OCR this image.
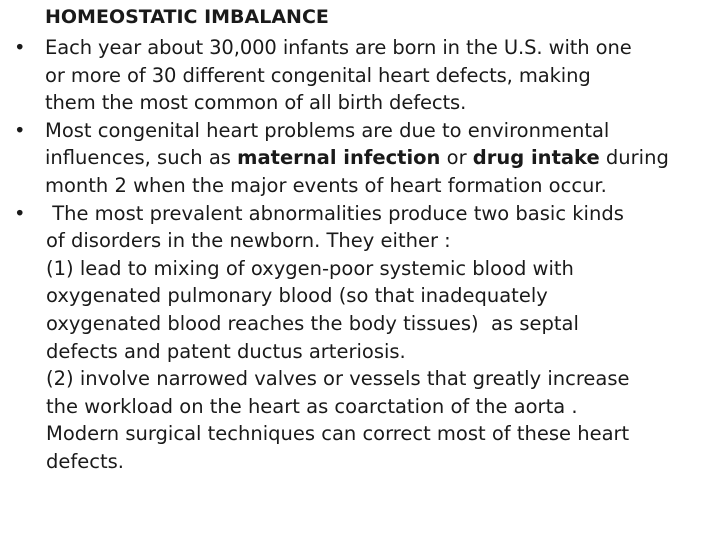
HOMEOSTATIC IMBALANCE
• Each year about 30,000 infants are born in the U.S. with one
or more of 30 different congenital heart defects, making
them the most common of all birth defects.
• Most congenital heart problems are due to environmental
influences, such as maternal infection or drug intake during
month 2 when the major events of heart formation occur.
• The most prevalent abnormalities produce two basic kinds
of disorders in the newborn. They either :
(1) lead to mixing of oxygen-poor systemic blood with
oxygenated pulmonary blood (so that inadequately
oxygenated blood reaches the body tissues)  as septal
defects and patent ductus arteriosis.
(2) involve narrowed valves or vessels that greatly increase
the workload on the heart as coarctation of the aorta .
Modern surgical techniques can correct most of these heart
defects.
